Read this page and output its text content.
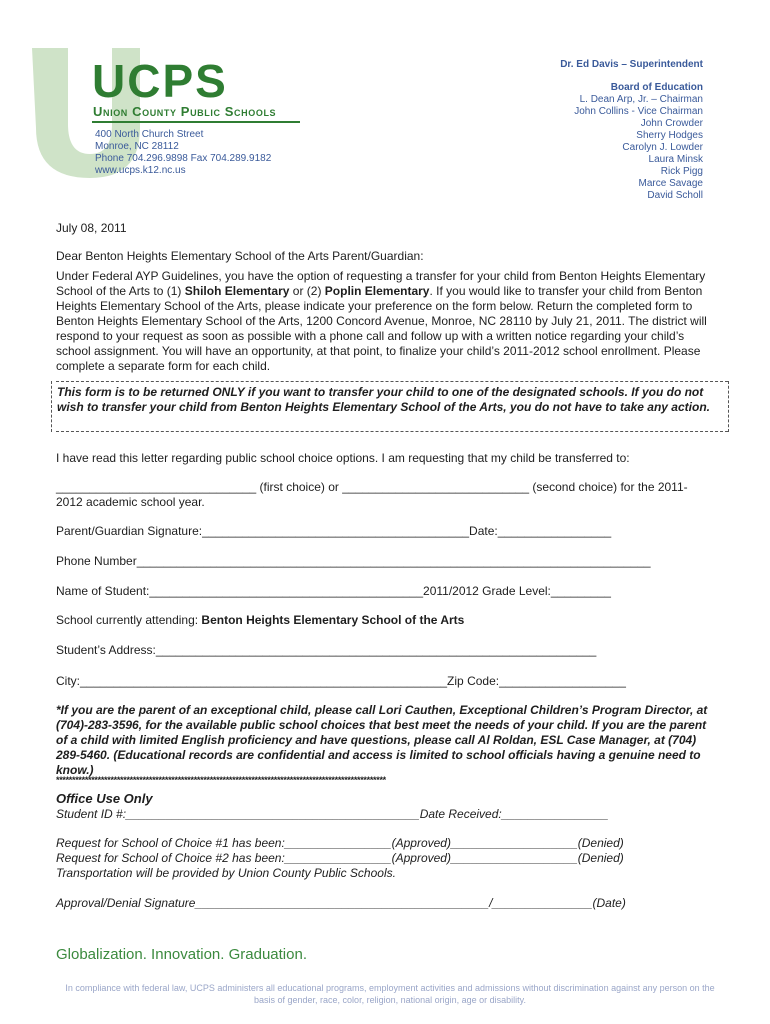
UCPS
Union County Public Schools
400 North Church Street
Monroe, NC 28112
Phone 704.296.9898 Fax 704.289.9182
www.ucps.k12.nc.us
Dr. Ed Davis – Superintendent
Board of Education
L. Dean Arp, Jr. – Chairman
John Collins - Vice Chairman
John Crowder
Sherry Hodges
Carolyn J. Lowder
Laura Minsk
Rick Pigg
Marce Savage
David Scholl
July 08, 2011
Dear Benton Heights Elementary School of the Arts Parent/Guardian:
Under Federal AYP Guidelines, you have the option of requesting a transfer for your child from Benton Heights Elementary School of the Arts to (1) Shiloh Elementary or (2) Poplin Elementary. If you would like to transfer your child from Benton Heights Elementary School of the Arts, please indicate your preference on the form below. Return the completed form to Benton Heights Elementary School of the Arts, 1200 Concord Avenue, Monroe, NC 28110 by July 21, 2011. The district will respond to your request as soon as possible with a phone call and follow up with a written notice regarding your child’s school assignment. You will have an opportunity, at that point, to finalize your child’s 2011-2012 school enrollment. Please complete a separate form for each child.
This form is to be returned ONLY if you want to transfer your child to one of the designated schools. If you do not wish to transfer your child from Benton Heights Elementary School of the Arts, you do not have to take any action.
I have read this letter regarding public school choice options. I am requesting that my child be transferred to:
______________________________ (first choice) or ____________________________ (second choice) for the 2011-
2012 academic school year.
Parent/Guardian Signature:________________________________________Date:_________________
Phone Number_____________________________________________________________________________
Name of Student:_________________________________________2011/2012 Grade Level:_________
School currently attending: Benton Heights Elementary School of the Arts
Student’s Address:__________________________________________________________________
City:_______________________________________________________Zip Code:___________________
*If you are the parent of an exceptional child, please call Lori Cauthen, Exceptional Children’s Program Director, at (704)-283-3596, for the available public school choices that best meet the needs of your child. If you are the parent of a child with limited English proficiency and have questions, please call Al Roldan, ESL Case Manager, at (704) 289-5460. (Educational records are confidential and access is limited to school officials having a genuine need to know.)
*******************************************************************************************************
Office Use Only
Student ID #:____________________________________________Date Received:________________
Request for School of Choice #1 has been:________________(Approved)___________________(Denied)
Request for School of Choice #2 has been:________________(Approved)___________________(Denied)
Transportation will be provided by Union County Public Schools.
Approval/Denial Signature____________________________________________/_______________(Date)
Globalization. Innovation. Graduation.
In compliance with federal law, UCPS administers all educational programs, employment activities and admissions without discrimination against any person on the basis of gender, race, color, religion, national origin, age or disability.
